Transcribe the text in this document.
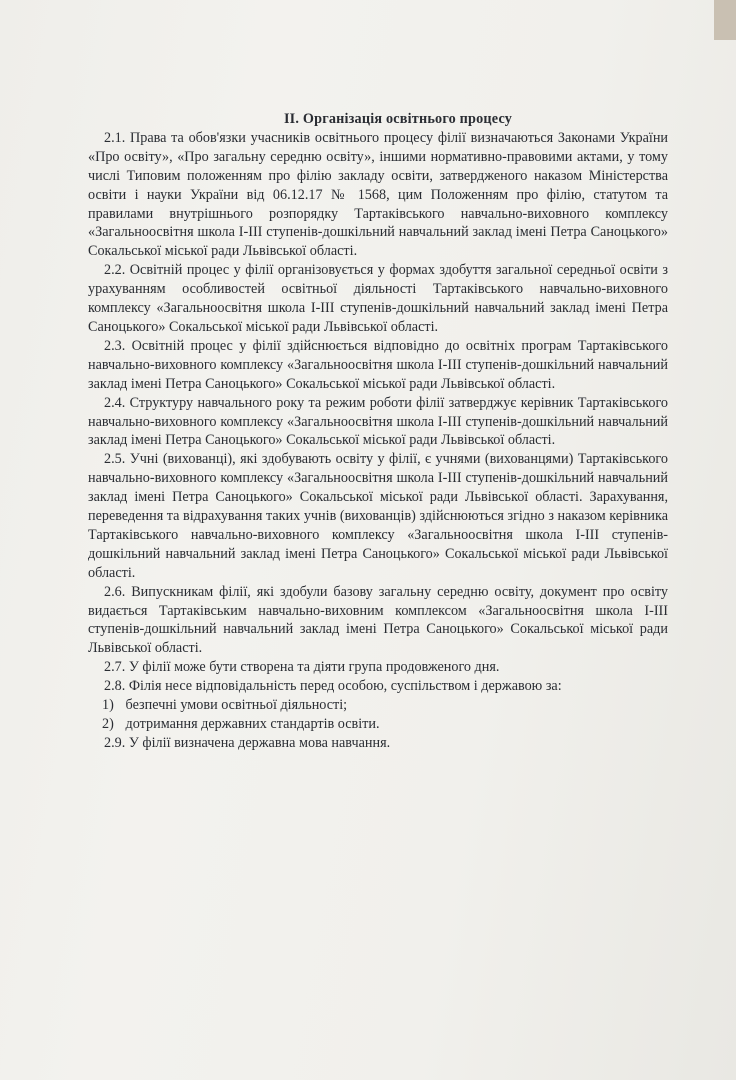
II. Організація освітнього процесу

2.1. Права та обов'язки учасників освітнього процесу філії визначаються Законами України «Про освіту», «Про загальну середню освіту», іншими нормативно-правовими актами, у тому числі Типовим положенням про філію закладу освіти, затвердженого наказом Міністерства освіти і науки України від 06.12.17 № 1568, цим Положенням про філію, статутом та правилами внутрішнього розпорядку Тартаківського навчально-виховного комплексу «Загальноосвітня школа І-ІІІ ступенів-дошкільний навчальний заклад імені Петра Саноцького» Сокальської міської ради Львівської області.

2.2. Освітній процес у філії організовується у формах здобуття загальної середньої освіти з урахуванням особливостей освітньої діяльності Тартаківського навчально-виховного комплексу «Загальноосвітня школа І-ІІІ ступенів-дошкільний навчальний заклад імені Петра Саноцького» Сокальської міської ради Львівської області.

2.3. Освітній процес у філії здійснюється відповідно до освітніх програм Тартаківського навчально-виховного комплексу «Загальноосвітня школа І-ІІІ ступенів-дошкільний навчальний заклад імені Петра Саноцького» Сокальської міської ради Львівської області.

2.4. Структуру навчального року та режим роботи філії затверджує керівник Тартаківського навчально-виховного комплексу «Загальноосвітня школа І-ІІІ ступенів-дошкільний навчальний заклад імені Петра Саноцького» Сокальської міської ради Львівської області.

2.5. Учні (вихованці), які здобувають освіту у філії, є учнями (вихованцями) Тартаківського навчально-виховного комплексу «Загальноосвітня школа І-ІІІ ступенів-дошкільний навчальний заклад імені Петра Саноцького» Сокальської міської ради Львівської області. Зарахування, переведення та відрахування таких учнів (вихованців) здійснюються згідно з наказом керівника Тартаківського навчально-виховного комплексу «Загальноосвітня школа І-ІІІ ступенів-дошкільний навчальний заклад імені Петра Саноцького» Сокальської міської ради Львівської області.

2.6. Випускникам філії, які здобули базову загальну середню освіту, документ про освіту видається Тартаківським навчально-виховним комплексом «Загальноосвітня школа І-ІІІ ступенів-дошкільний навчальний заклад імені Петра Саноцького» Сокальської міської ради Львівської області.

2.7. У філії може бути створена та діяти група продовженого дня.

2.8. Філія несе відповідальність перед особою, суспільством і державою за:

1) безпечні умови освітньої діяльності;

2) дотримання державних стандартів освіти.

2.9. У філії визначена державна мова навчання.
